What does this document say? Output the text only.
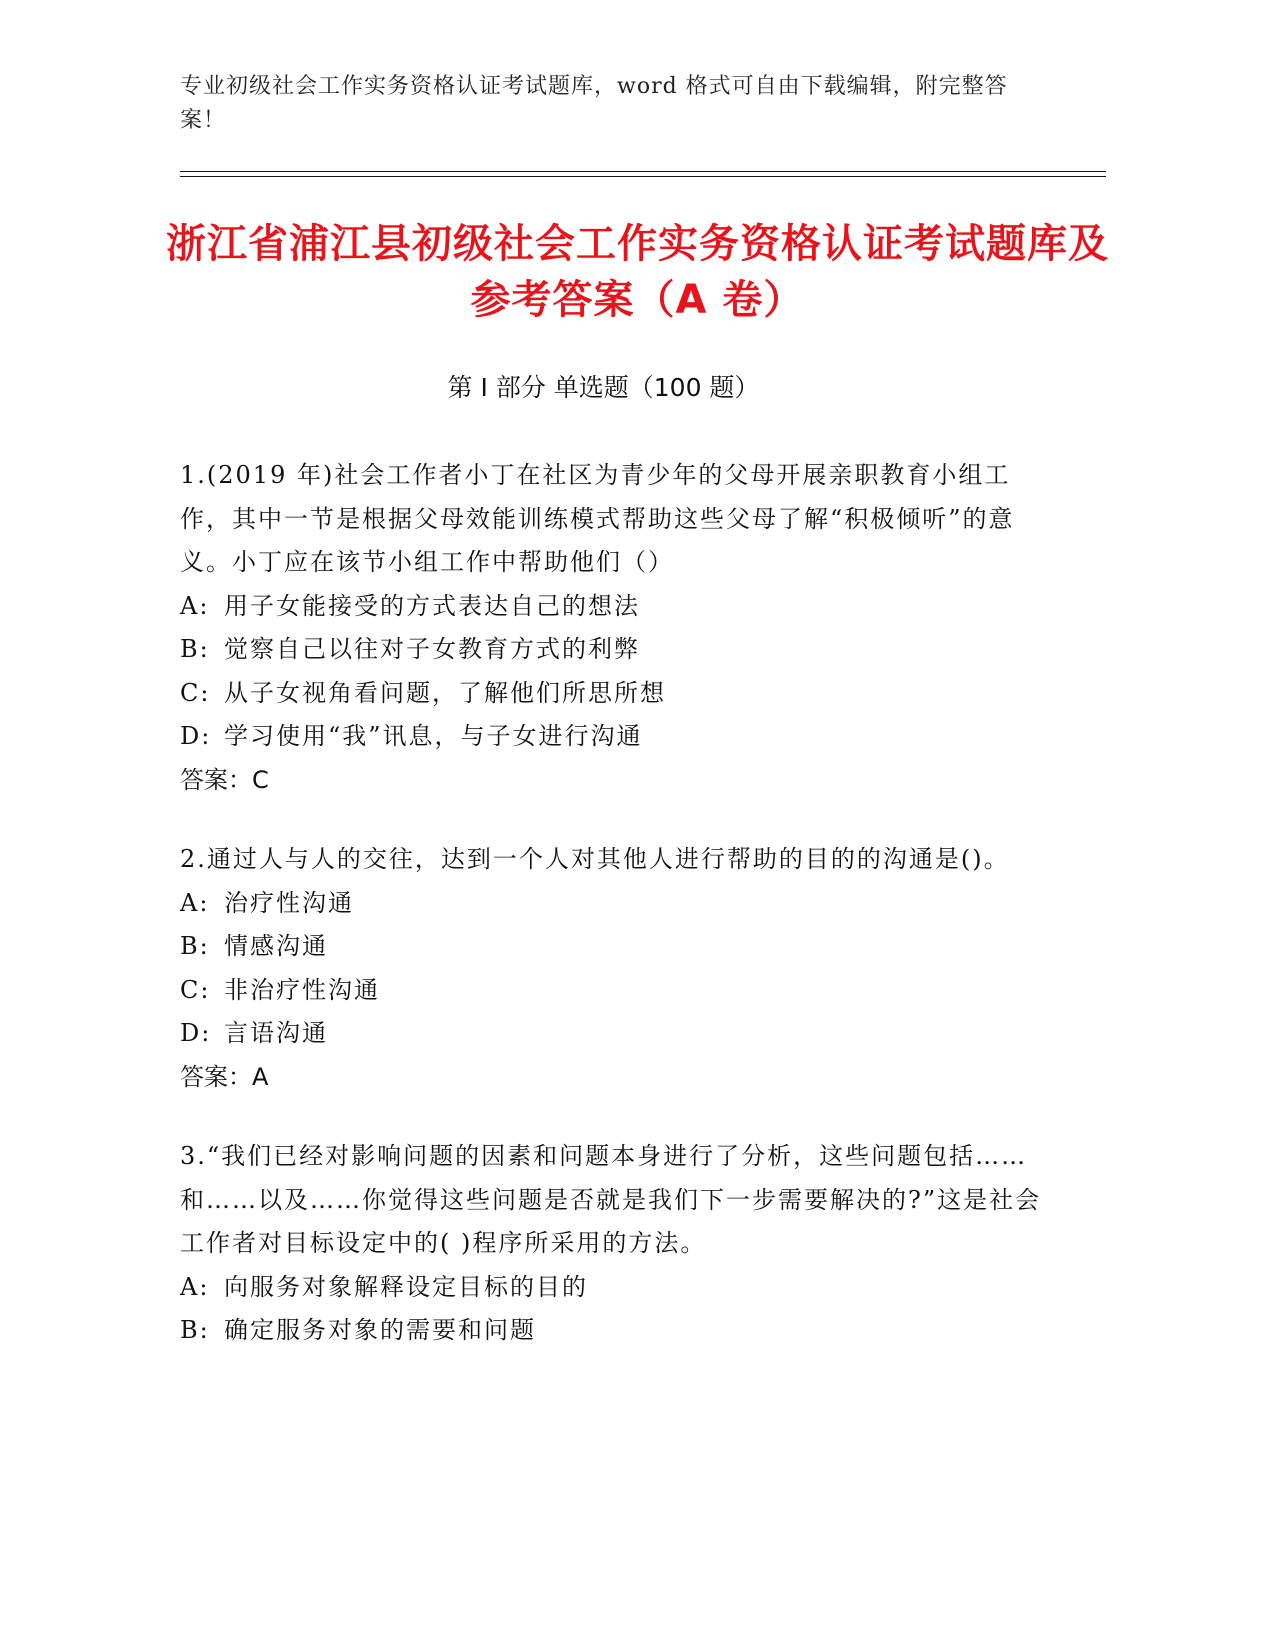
专业初级社会工作实务资格认证考试题库，word 格式可自由下载编辑，附完整答案！
浙江省浦江县初级社会工作实务资格认证考试题库及参考答案（A 卷）
第 I 部分 单选题（100 题）

1.(2019 年)社会工作者小丁在社区为青少年的父母开展亲职教育小组工作，其中一节是根据父母效能训练模式帮助这些父母了解“积极倾听”的意义。小丁应在该节小组工作中帮助他们（）

A: 用子女能接受的方式表达自己的想法

B: 觉察自己以往对子女教育方式的利弊

C: 从子女视角看问题，了解他们所思所想

D: 学习使用“我”讯息，与子女进行沟通

答案：C

2.通过人与人的交往，达到一个人对其他人进行帮助的目的的沟通是()。

A: 治疗性沟通

B: 情感沟通

C: 非治疗性沟通

D: 言语沟通

答案：A

3.“我们已经对影响问题的因素和问题本身进行了分析，这些问题包括……和……以及……你觉得这些问题是否就是我们下一步需要解决的?”这是社会工作者对目标设定中的( )程序所采用的方法。

A: 向服务对象解释设定目标的目的

B: 确定服务对象的需要和问题
